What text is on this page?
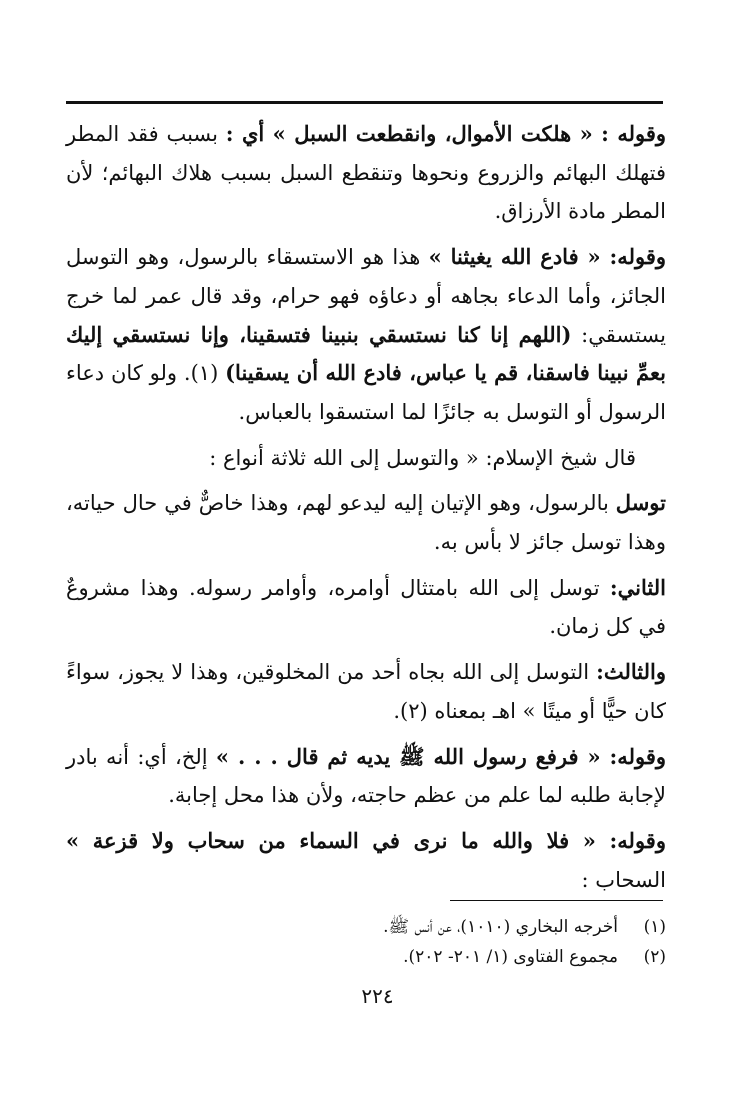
وقوله : « هلكت الأموال، وانقطعت السبل » أي : بسبب فقد المطر فتهلك البهائم والزروع ونحوها وتنقطع السبل بسبب هلاك البهائم؛ لأن المطر مادة الأرزاق.

وقوله: « فادع الله يغيثنا » هذا هو الاستسقاء بالرسول، وهو التوسل الجائز، وأما الدعاء بجاهه أو دعاؤه فهو حرام، وقد قال عمر لما خرج يستسقي: (اللهم إنا كنا نستسقي بنبينا فتسقينا، وإنا نستسقي إليك بعمِّ نبينا فاسقنا، قم يا عباس، فادع الله أن يسقينا) (١). ولو كان دعاء الرسول أو التوسل به جائزًا لما استسقوا بالعباس.

قال شيخ الإسلام: « والتوسل إلى الله ثلاثة أنواع :

توسل بالرسول، وهو الإتيان إليه ليدعو لهم، وهذا خاصٌّ في حال حياته، وهذا توسل جائز لا بأس به.

الثاني: توسل إلى الله بامتثال أوامره، وأوامر رسوله. وهذا مشروعٌ في كل زمان.

والثالث: التوسل إلى الله بجاه أحد من المخلوقين، وهذا لا يجوز، سواءً كان حيًّا أو ميتًا » اهـ بمعناه (٢).

وقوله: « فرفع رسول الله ﷺ يديه ثم قال . . . » إلخ، أي: أنه بادر لإجابة طلبه لما علم من عظم حاجته، ولأن هذا محل إجابة.

وقوله: « فلا والله ما نرى في السماء من سحاب ولا قزعة » السحاب :

(١)أخرجه البخاري (١٠١٠)، عن أنس ﷺ.
(٢)مجموع الفتاوى (١/ ٢٠١- ٢٠٢).
٢٢٤
